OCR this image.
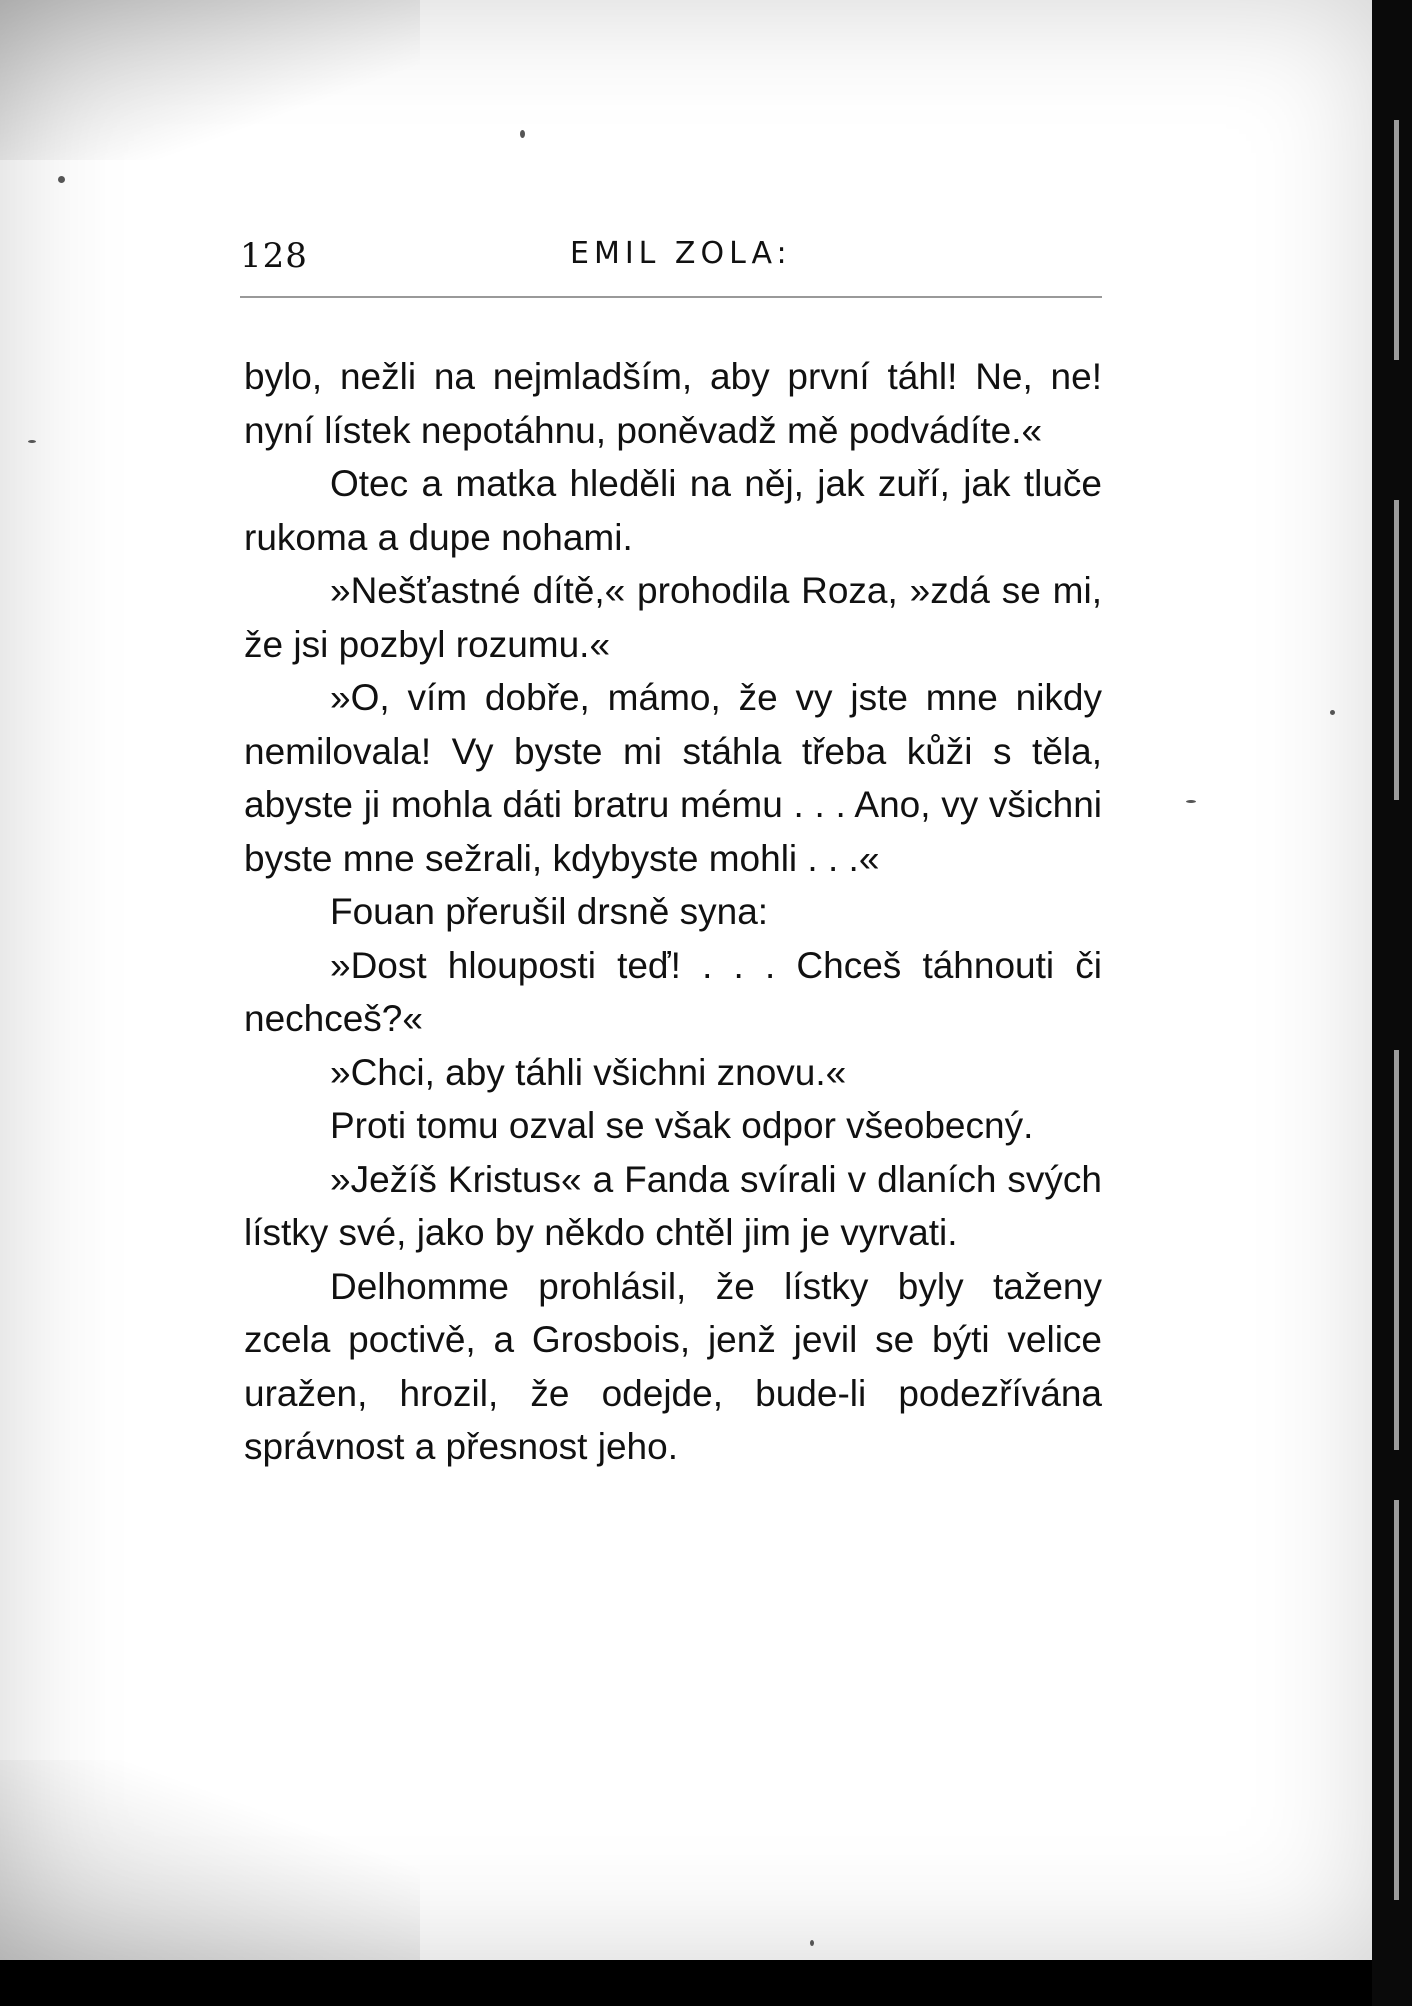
128	EMIL ZOLA:

bylo, nežli na nejmladším, aby první táhl! Ne, ne! nyní lístek nepotáhnu, poněvadž mě podvádíte.«

Otec a matka hleděli na něj, jak zuří, jak tluče rukoma a dupe nohami.

»Nešťastné dítě,« prohodila Roza, »zdá se mi, že jsi pozbyl rozumu.«

»O, vím dobře, mámo, že vy jste mne nikdy nemilovala! Vy byste mi stáhla třeba kůži s těla, abyste ji mohla dáti bratru mému . . . Ano, vy všichni byste mne sežrali, kdybyste mohli . . .«

Fouan přerušil drsně syna:

»Dost hlouposti teď! . . . Chceš táhnouti či nechceš?«

»Chci, aby táhli všichni znovu.«

Proti tomu ozval se však odpor všeobecný.

»Ježíš Kristus« a Fanda svírali v dlaních svých lístky své, jako by někdo chtěl jim je vyrvati.

Delhomme prohlásil, že lístky byly taženy zcela poctivě, a Grosbois, jenž jevil se býti velice uražen, hrozil, že odejde, bude-li podezřívána správnost a přesnost jeho.
